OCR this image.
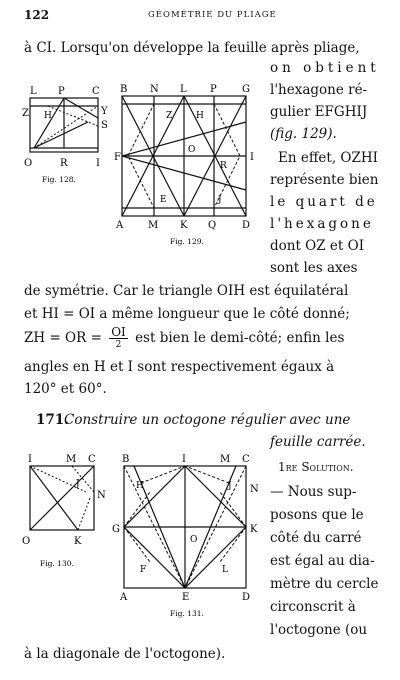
122	GÉOMÉTRIE DU PLIAGE
à CI. Lorsqu'on développe la feuille après pliage,
on obtient
l'hexagone ré-
gulier EFGHIJ
(fig. 129).
En effet, OZHI
représente bien
le quart de
l'hexagone
dont OZ et OI
sont les axes
de symétrie. Car le triangle OIH est équilatéral
et HI = OI a même longueur que le côté donné;
ZH = OR = $\frac{OI}{2}$ est bien le demi-côté; enfin les
angles en H et I sont respectivement égaux à
120° et 60°.
171.
Construire un octogone régulier avec une
feuille carrée.
1re Solution.
— Nous sup-
posons que le
côté du carré
est égal au dia-
mètre du cercle
circonscrit à
l'octogone (ou
à la diagonale de l'octogone).
L P	C
Z H	Y
S
O	R	I
Fig. 128.
B N L P	G
Z	H
F
O
I
R
E	J
A M K Q	D
Fig. 129.
I	M C
J
N
O	K
Fig. 130.
B	I	M C
H	J N
G
O
K
F	L
A	E	D
Fig. 131.
